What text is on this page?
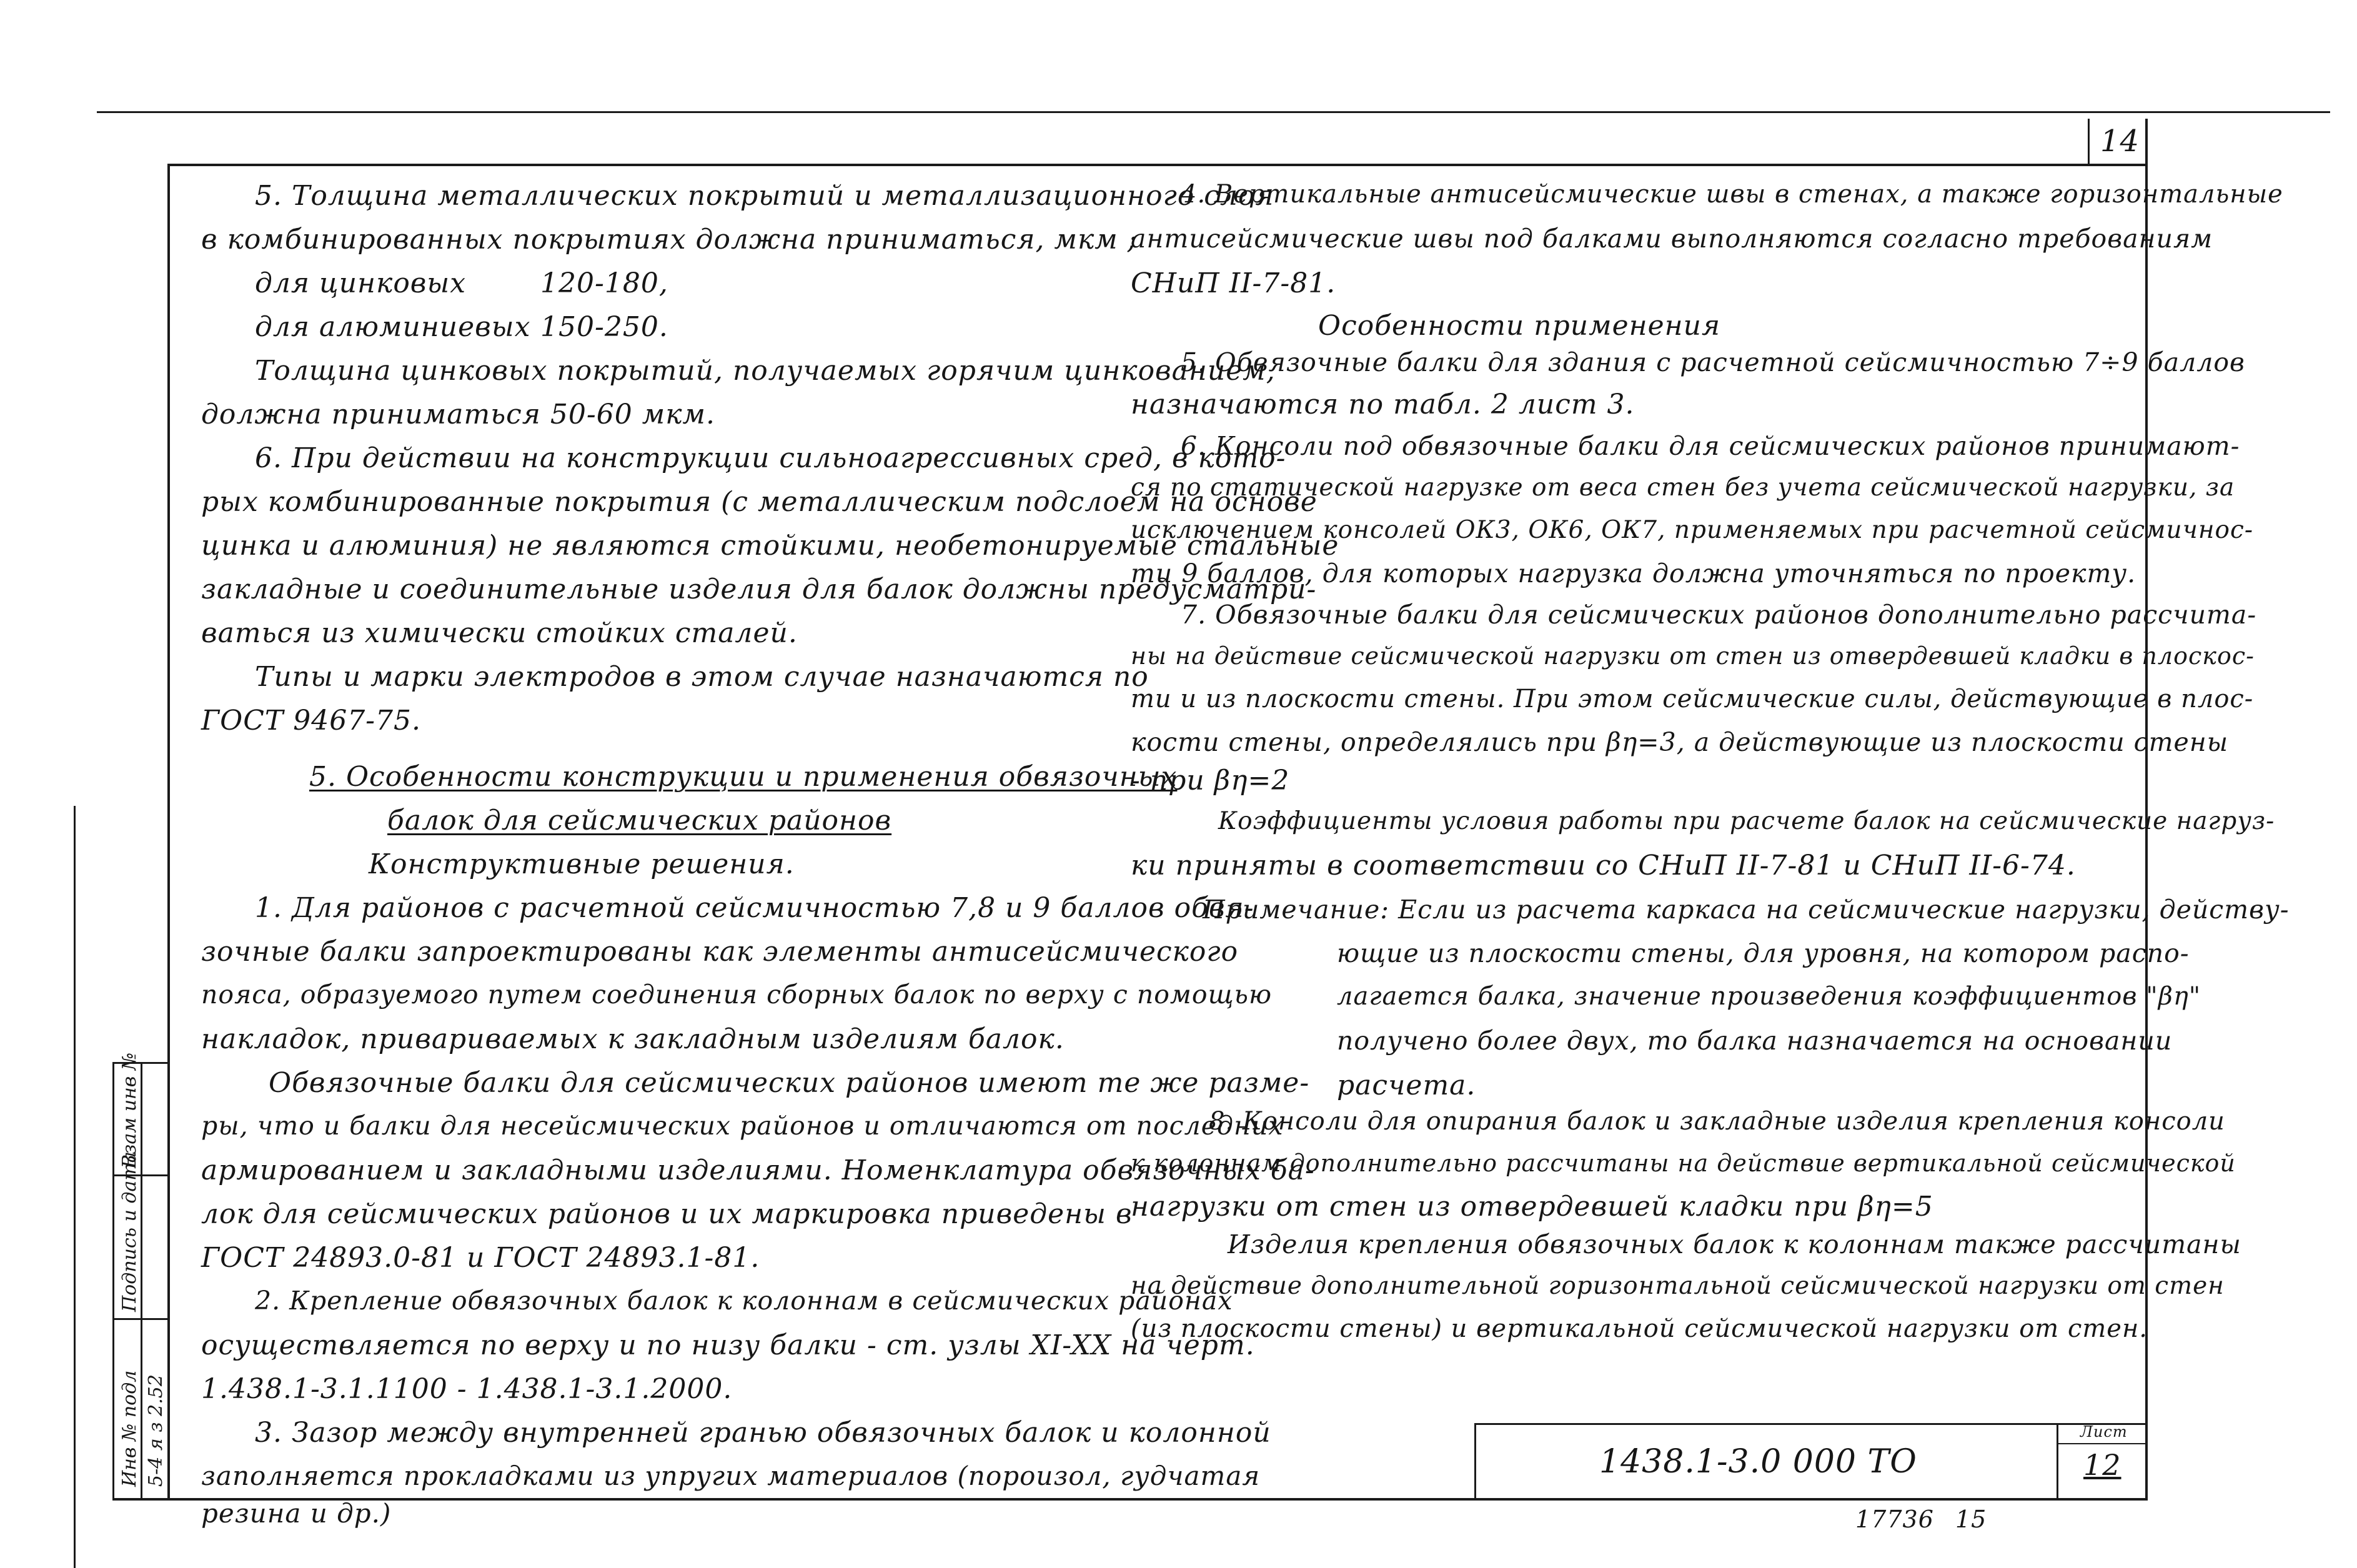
14
Инв № подл
Подпись и дата
Взам инв №
5-4 я з 2.52
5. Толщина металлических покрытий и металлизационного слоя
в комбинированных покрытиях должна приниматься, мкм ;
для цинковых	120-180,
для алюминиевых 150-250.
Толщина цинковых покрытий, получаемых горячим цинкованием,
должна приниматься 50-60 мкм.
6. При действии на конструкции сильноагрессивных сред, в кото-
рых комбинированные покрытия (с металлическим подслоем на основе
цинка и алюминия) не являются стойкими, необетонируемые стальные
закладные и соединительные изделия для балок должны предусматри-
ваться из химически стойких сталей.
Типы и марки электродов в этом случае назначаются по
ГОСТ 9467-75.
5. Особенности конструкции и применения обвязочных
балок для сейсмических районов
Конструктивные решения.
1. Для районов с расчетной сейсмичностью 7,8 и 9 баллов обвя-
зочные балки запроектированы как элементы антисейсмического
пояса, образуемого путем соединения сборных балок по верху с помощью
накладок, привариваемых к закладным изделиям балок.
Обвязочные балки для сейсмических районов имеют те же разме-
ры, что и балки для несейсмических районов и отличаются от последних
армированием и закладными изделиями. Номенклатура обвязочных ба-
лок для сейсмических районов и их маркировка приведены в
ГОСТ 24893.0-81 и ГОСТ 24893.1-81.
2. Крепление обвязочных балок к колоннам в сейсмических районах
осуществляется по верху и по низу балки - ст. узлы XI-XX на черт.
1.438.1-3.1.1100 - 1.438.1-3.1.2000.
3. Зазор между внутренней гранью обвязочных балок и колонной
заполняется прокладками из упругих материалов (пороизол, гудчатая
резина и др.)
4. Вертикальные антисейсмические швы в стенах, а также горизонтальные
антисейсмические швы под балками выполняются согласно требованиям
СНиП II-7-81.
Особенности применения
5. Обвязочные балки для здания с расчетной сейсмичностью 7÷9 баллов
назначаются по табл. 2 лист 3.
6. Консоли под обвязочные балки для сейсмических районов принимают-
ся по статической нагрузке от веса стен без учета сейсмической нагрузки, за
исключением консолей ОК3, ОК6, ОК7, применяемых при расчетной сейсмичнос-
ти 9 баллов, для которых нагрузка должна уточняться по проекту.
7. Обвязочные балки для сейсмических районов дополнительно рассчита-
ны на действие сейсмической нагрузки от стен из отвердевшей кладки в плоскос-
ти и из плоскости стены. При этом сейсмические силы, действующие в плос-
кости стены, определялись при βη=3, а действующие из плоскости стены
- при βη=2
Коэффициенты условия работы при расчете балок на сейсмические нагруз-
ки приняты в соответствии со СНиП II-7-81 и СНиП II-6-74.
Примечание: Если из расчета каркаса на сейсмические нагрузки, действу-
ющие из плоскости стены, для уровня, на котором распо-
лагается балка, значение произведения коэффициентов "βη"
получено более двух, то балка назначается на основании
расчета.
8. Консоли для опирания балок и закладные изделия крепления консоли
к колоннам дополнительно рассчитаны на действие вертикальной сейсмической
нагрузки от стен из отвердевшей кладки при βη=5
Изделия крепления обвязочных балок к колоннам также рассчитаны
на действие дополнительной горизонтальной сейсмической нагрузки от стен
(из плоскости стены) и вертикальной сейсмической нагрузки от стен.
1438.1-3.0 000 ТО
Лист
12
17736 15
